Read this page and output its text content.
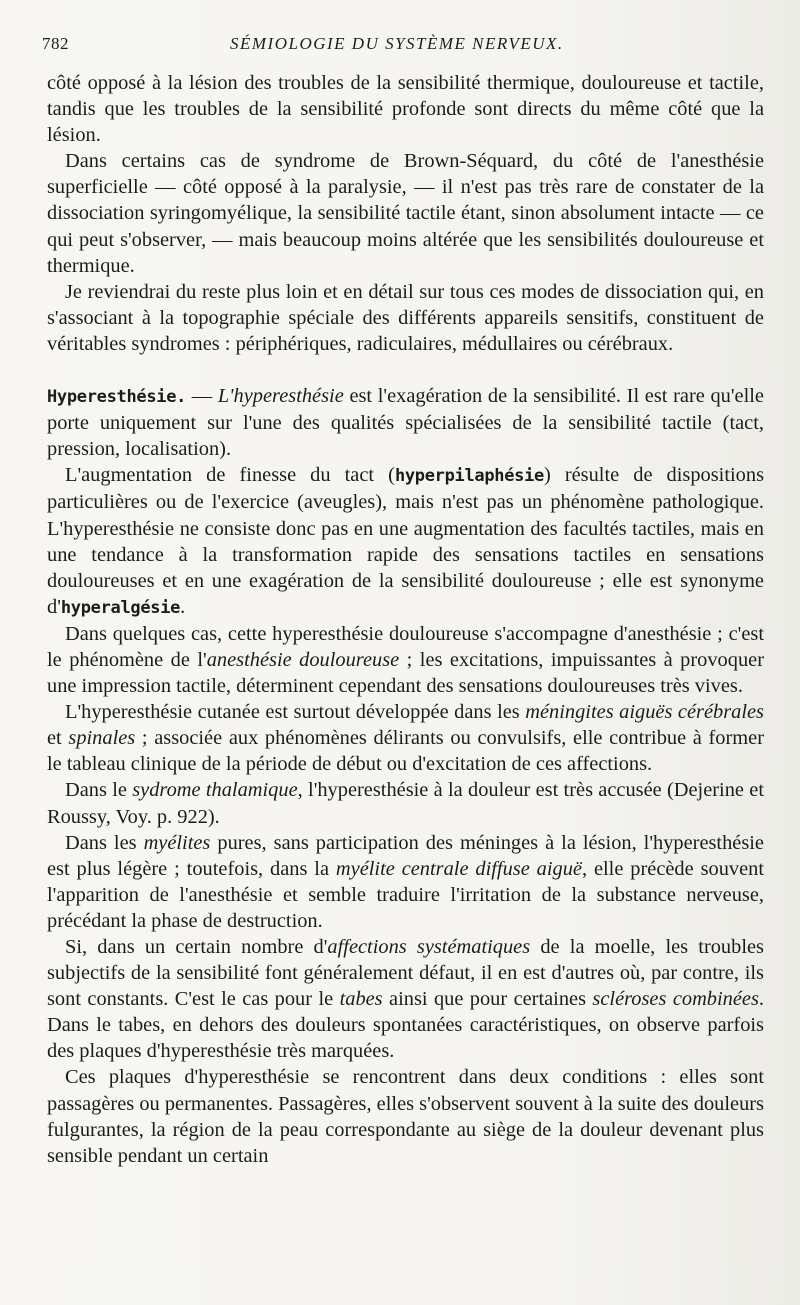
782	SÉMIOLOGIE DU SYSTÈME NERVEUX.

côté opposé à la lésion des troubles de la sensibilité thermique, douloureuse et tactile, tandis que les troubles de la sensibilité profonde sont directs du même côté que la lésion.

Dans certains cas de syndrome de Brown-Séquard, du côté de l'anesthésie superficielle — côté opposé à la paralysie, — il n'est pas très rare de constater de la dissociation syringomyélique, la sensibilité tactile étant, sinon absolument intacte — ce qui peut s'observer, — mais beaucoup moins altérée que les sensibilités douloureuse et thermique.

Je reviendrai du reste plus loin et en détail sur tous ces modes de dissociation qui, en s'associant à la topographie spéciale des différents appareils sensitifs, constituent de véritables syndromes : périphériques, radiculaires, médullaires ou cérébraux.

Hyperesthésie. — L'hyperesthésie est l'exagération de la sensibilité. Il est rare qu'elle porte uniquement sur l'une des qualités spécialisées de la sensibilité tactile (tact, pression, localisation).

L'augmentation de finesse du tact (hyperpilaphésie) résulte de dispositions particulières ou de l'exercice (aveugles), mais n'est pas un phénomène pathologique. L'hyperesthésie ne consiste donc pas en une augmentation des facultés tactiles, mais en une tendance à la transformation rapide des sensations tactiles en sensations douloureuses et en une exagération de la sensibilité douloureuse ; elle est synonyme d'hyperalgésie.

Dans quelques cas, cette hyperesthésie douloureuse s'accompagne d'anesthésie ; c'est le phénomène de l'anesthésie douloureuse ; les excitations, impuissantes à provoquer une impression tactile, déterminent cependant des sensations douloureuses très vives.

L'hyperesthésie cutanée est surtout développée dans les méningites aiguës cérébrales et spinales ; associée aux phénomènes délirants ou convulsifs, elle contribue à former le tableau clinique de la période de début ou d'excitation de ces affections.

Dans le sydrome thalamique, l'hyperesthésie à la douleur est très accusée (Dejerine et Roussy, Voy. p. 922).

Dans les myélites pures, sans participation des méninges à la lésion, l'hyperesthésie est plus légère ; toutefois, dans la myélite centrale diffuse aiguë, elle précède souvent l'apparition de l'anesthésie et semble traduire l'irritation de la substance nerveuse, précédant la phase de destruction.

Si, dans un certain nombre d'affections systématiques de la moelle, les troubles subjectifs de la sensibilité font généralement défaut, il en est d'autres où, par contre, ils sont constants. C'est le cas pour le tabes ainsi que pour certaines scléroses combinées. Dans le tabes, en dehors des douleurs spontanées caractéristiques, on observe parfois des plaques d'hyperesthésie très marquées.

Ces plaques d'hyperesthésie se rencontrent dans deux conditions : elles sont passagères ou permanentes. Passagères, elles s'observent souvent à la suite des douleurs fulgurantes, la région de la peau correspondante au siège de la douleur devenant plus sensible pendant un certain
